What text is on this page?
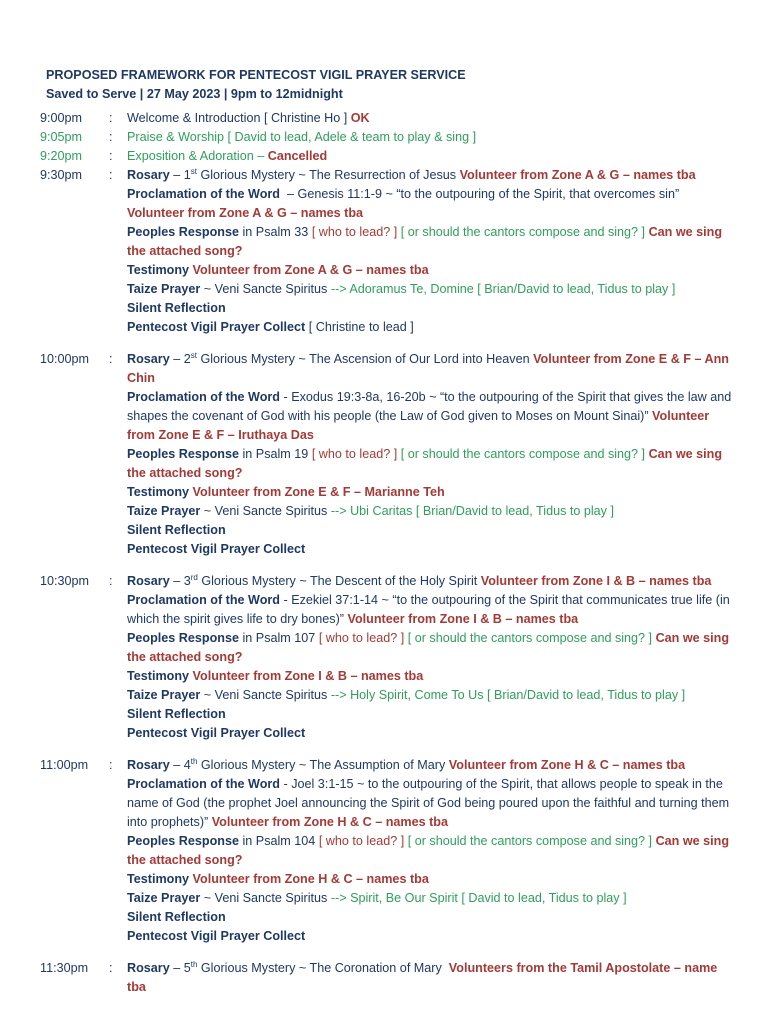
PROPOSED FRAMEWORK FOR PENTECOST VIGIL PRAYER SERVICE
Saved to Serve | 27 May 2023 | 9pm to 12midnight
9:00pm	: Welcome & Introduction [ Christine Ho ] OK
9:05pm	: Praise & Worship [ David to lead, Adele & team to play & sing ]
9:20pm	: Exposition & Adoration – Cancelled
9:30pm	: Rosary – 1st Glorious Mystery ~ The Resurrection of Jesus Volunteer from Zone A & G – names tba
Proclamation of the Word – Genesis 11:1-9 ~ “to the outpouring of the Spirit, that overcomes sin” Volunteer from Zone A & G – names tba
Peoples Response in Psalm 33 [ who to lead? ] [ or should the cantors compose and sing? ] Can we sing the attached song?
Testimony Volunteer from Zone A & G – names tba
Taize Prayer ~ Veni Sancte Spiritus --> Adoramus Te, Domine [ Brian/David to lead, Tidus to play ]
Silent Reflection
Pentecost Vigil Prayer Collect [ Christine to lead ]
10:00pm	: Rosary – 2st Glorious Mystery ~ The Ascension of Our Lord into Heaven Volunteer from Zone E & F – Ann Chin
Proclamation of the Word - Exodus 19:3-8a, 16-20b ~ “to the outpouring of the Spirit that gives the law and shapes the covenant of God with his people (the Law of God given to Moses on Mount Sinai)” Volunteer from Zone E & F – Iruthaya Das
Peoples Response in Psalm 19 [ who to lead? ] [ or should the cantors compose and sing? ] Can we sing the attached song?
Testimony Volunteer from Zone E & F – Marianne Teh
Taize Prayer ~ Veni Sancte Spiritus --> Ubi Caritas [ Brian/David to lead, Tidus to play ]
Silent Reflection
Pentecost Vigil Prayer Collect
10:30pm	: Rosary – 3rd Glorious Mystery ~ The Descent of the Holy Spirit Volunteer from Zone I & B – names tba
Proclamation of the Word - Ezekiel 37:1-14 ~ “to the outpouring of the Spirit that communicates true life (in which the spirit gives life to dry bones)” Volunteer from Zone I & B – names tba
Peoples Response in Psalm 107 [ who to lead? ] [ or should the cantors compose and sing? ] Can we sing the attached song?
Testimony Volunteer from Zone I & B – names tba
Taize Prayer ~ Veni Sancte Spiritus --> Holy Spirit, Come To Us [ Brian/David to lead, Tidus to play ]
Silent Reflection
Pentecost Vigil Prayer Collect
11:00pm	: Rosary – 4th Glorious Mystery ~ The Assumption of Mary Volunteer from Zone H & C – names tba
Proclamation of the Word - Joel 3:1-15 ~ to the outpouring of the Spirit, that allows people to speak in the name of God (the prophet Joel announcing the Spirit of God being poured upon the faithful and turning them into prophets)” Volunteer from Zone H & C – names tba
Peoples Response in Psalm 104 [ who to lead? ] [ or should the cantors compose and sing? ] Can we sing the attached song?
Testimony Volunteer from Zone H & C – names tba
Taize Prayer ~ Veni Sancte Spiritus --> Spirit, Be Our Spirit [ David to lead, Tidus to play ]
Silent Reflection
Pentecost Vigil Prayer Collect
11:30pm	: Rosary – 5th Glorious Mystery ~ The Coronation of Mary Volunteers from the Tamil Apostolate – name tba
